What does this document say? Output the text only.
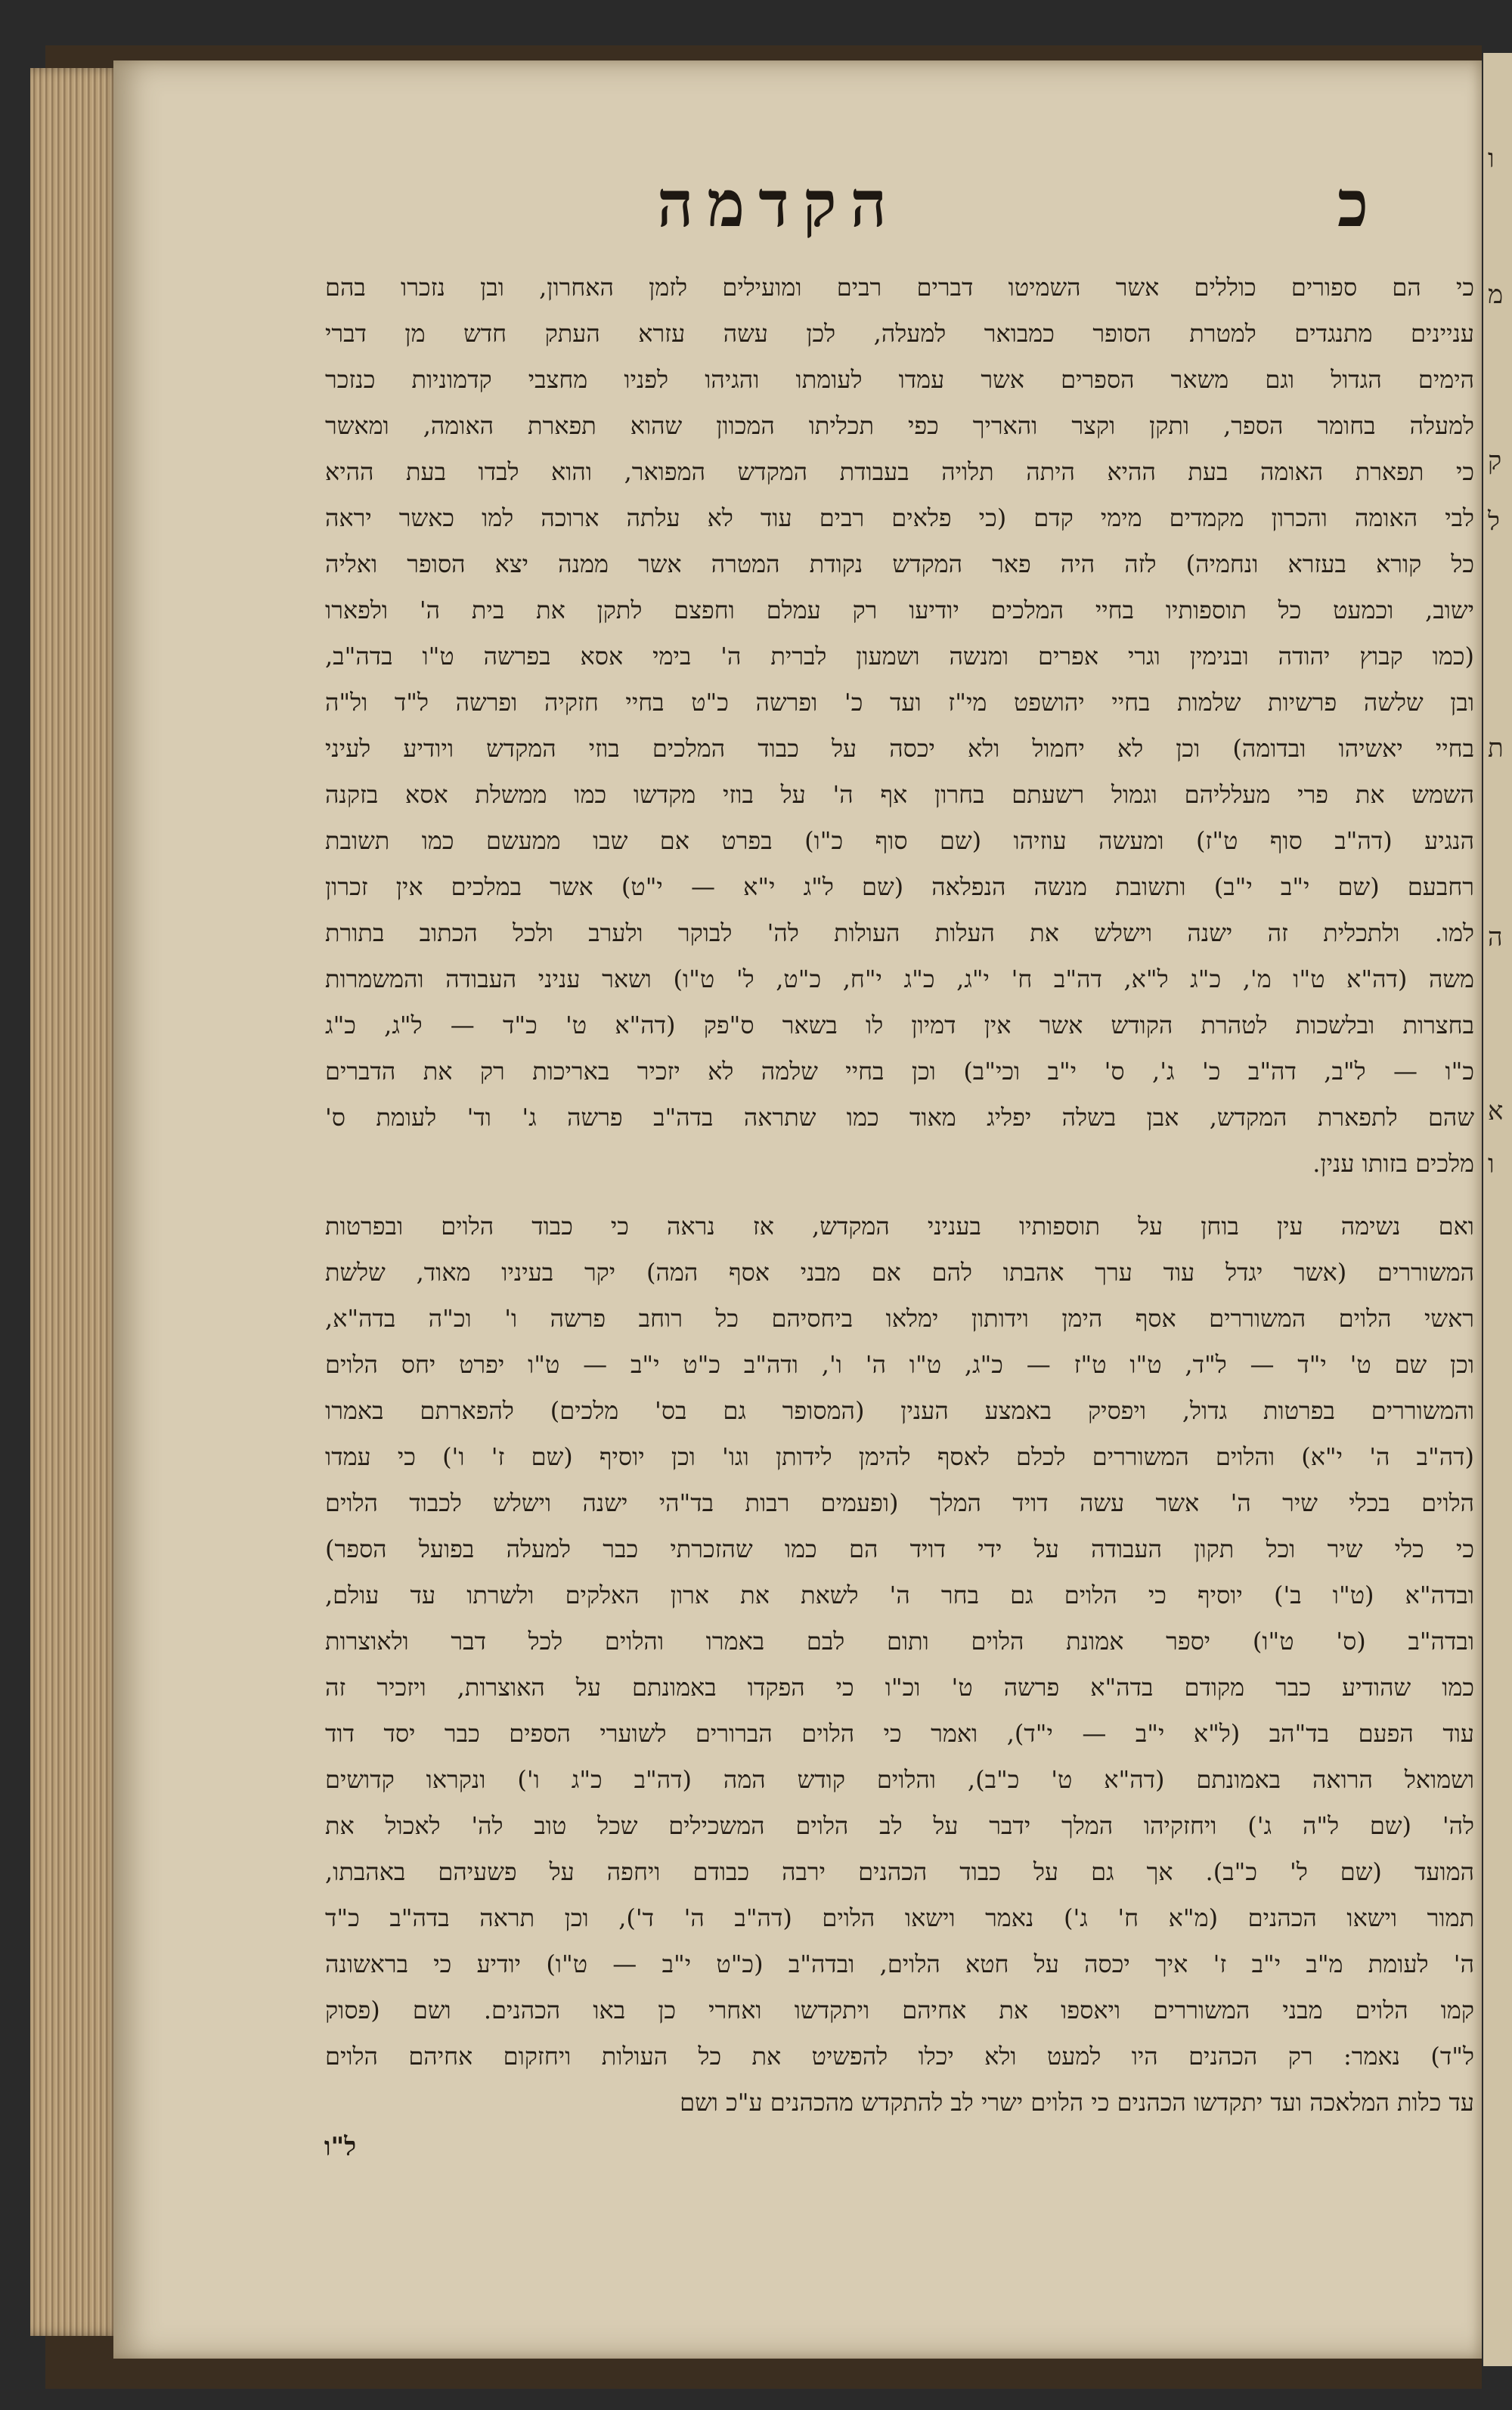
ו
מ
ק
ל
ת
ה
א
ו
הקדמה	כ
כי הם ספורים כוללים אשר השמיטו דברים רבים ומועילים לזמן האחרון, ובן נזכרו בהם
עניינים מתנגדים למטרת הסופר כמבואר למעלה, לכן עשה עזרא העתק חדש מן דברי
הימים הגדול וגם משאר הספרים אשר עמדו לעומתו והגיהו לפניו מחצבי קדמוניות כנזכר
למעלה בחומר הספר, ותקן וקצר והאריך כפי תכליתו המכוון שהוא תפארת האומה, ומאשר
כי תפארת האומה בעת ההיא היתה תלויה בעבודת המקדש המפואר, והוא לבדו בעת ההיא
לבי האומה והכרון מקמדים מימי קדם (כי פלאים רבים עוד לא עלתה ארוכה למו כאשר יראה
כל קורא בעזרא ונחמיה) לזה היה פאר המקדש נקודת המטרה אשר ממנה יצא הסופר ואליה
ישוב, וכמעט כל תוספותיו בחיי המלכים יודיעו רק עמלם וחפצם לתקן את בית ה' ולפארו
(כמו קבוץ יהודה ובנימין וגרי אפרים ומנשה ושמעון לברית ה' בימי אסא בפרשה ט"ו בדה"ב,
ובן שלשה פרשיות שלמות בחיי יהושפט מי"ז ועד כ' ופרשה כ"ט בחיי חזקיה ופרשה ל"ד ול"ה
בחיי יאשיהו ובדומה) וכן לא יחמול ולא יכסה על כבוד המלכים בוזי המקדש ויודיע לעיני
השמש את פרי מעלליהם וגמול רשעתם בחרון אף ה' על בוזי מקדשו כמו ממשלת אסא בזקנה
הנגיע (דה"ב סוף ט"ז) ומעשה עוזיהו (שם סוף כ"ו) בפרט אם שבו ממעשם כמו תשובת
רחבעם (שם י"ב י"ב) ותשובת מנשה הנפלאה (שם ל"ג י"א — י"ט) אשר במלכים אין זכרון
למו. ולתכלית זה ישנה וישלש את העלות העולות לה' לבוקר ולערב ולכל הכתוב בתורת
משה (דה"א ט"ו מ', כ"ג ל"א, דה"ב ח' י"ג, כ"ג י"ח, כ"ט, ל' ט"ו) ושאר עניני העבודה והמשמרות
בחצרות ובלשכות לטהרת הקודש אשר אין דמיון לו בשאר ס"פק (דה"א ט' כ"ד — ל"ג, כ"ג
כ"ו — ל"ב, דה"ב כ' ג', ס' י"ב וכי"ב) וכן בחיי שלמה לא יזכיר באריכות רק את הדברים
שהם לתפארת המקדש, אבן בשלה יפליג מאוד כמו שתראה בדה"ב פרשה ג' וד' לעומת ס'
מלכים בזותו ענין.
ואם נשימה עין בוחן על תוספותיו בעניני המקדש, אז נראה כי כבוד הלוים ובפרטות
המשוררים (אשר יגדל עוד ערך אהבתו להם אם מבני אסף המה) יקר בעיניו מאוד, שלשת
ראשי הלוים המשוררים אסף הימן וידותון ימלאו ביחסיהם כל רוחב פרשה ו' וכ"ה בדה"א,
וכן שם ט' י"ד — ל"ד, ט"ו ט"ז — כ"ג, ט"ו ה' ו', ודה"ב כ"ט י"ב — ט"ו יפרט יחס הלוים
והמשוררים בפרטות גדול, ויפסיק באמצע הענין (המסופר גם בס' מלכים) להפארתם באמרו
(דה"ב ה' י"א) והלוים המשוררים לכלם לאסף להימן לידותן וגו' וכן יוסיף (שם ז' ו') כי עמדו
הלוים בכלי שיר ה' אשר עשה דויד המלך (ופעמים רבות בד"הי ישנה וישלש לכבוד הלוים
כי כלי שיר וכל תקון העבודה על ידי דויד הם כמו שהזכרתי כבר למעלה בפועל הספר)
ובדה"א (ט"ו ב') יוסיף כי הלוים גם בחר ה' לשאת את ארון האלקים ולשרתו עד עולם,
ובדה"ב (ס' ט"ו) יספר אמונת הלוים ותום לבם באמרו והלוים לכל דבר ולאוצרות
כמו שהודיע כבר מקודם בדה"א פרשה ט' וכ"ו כי הפקדו באמונתם על האוצרות, ויזכיר זה
עוד הפעם בד"הב (ל"א י"ב — י"ד), ואמר כי הלוים הברורים לשוערי הספים כבר יסד דוד
ושמואל הרואה באמונתם (דה"א ט' כ"ב), והלוים קודש המה (דה"ב כ"ג ו') ונקראו קדושים
לה' (שם ל"ה ג') ויחזקיהו המלך ידבר על לב הלוים המשכילים שכל טוב לה' לאכול את
המועד (שם ל' כ"ב). אך גם על כבוד הכהנים ירבה כבודם ויחפה על פשעיהם באהבתו,
תמור וישאו הכהנים (מ"א ח' ג') נאמר וישאו הלוים (דה"ב ה' ד'), וכן תראה בדה"ב כ"ד
ה' לעומת מ"ב י"ב ז' איך יכסה על חטא הלוים, ובדה"ב (כ"ט י"ב — ט"ו) יודיע כי בראשונה
קמו הלוים מבני המשוררים ויאספו את אחיהם ויתקדשו ואחרי כן באו הכהנים. ושם (פסוק
ל"ד) נאמר: רק הכהנים היו למעט ולא יכלו להפשיט את כל העולות ויחזקום אחיהם הלוים
עד כלות המלאכה ועד יתקדשו הכהנים כי הלוים ישרי לב להתקדש מהכהנים ע"כ ושם
ל"ו
